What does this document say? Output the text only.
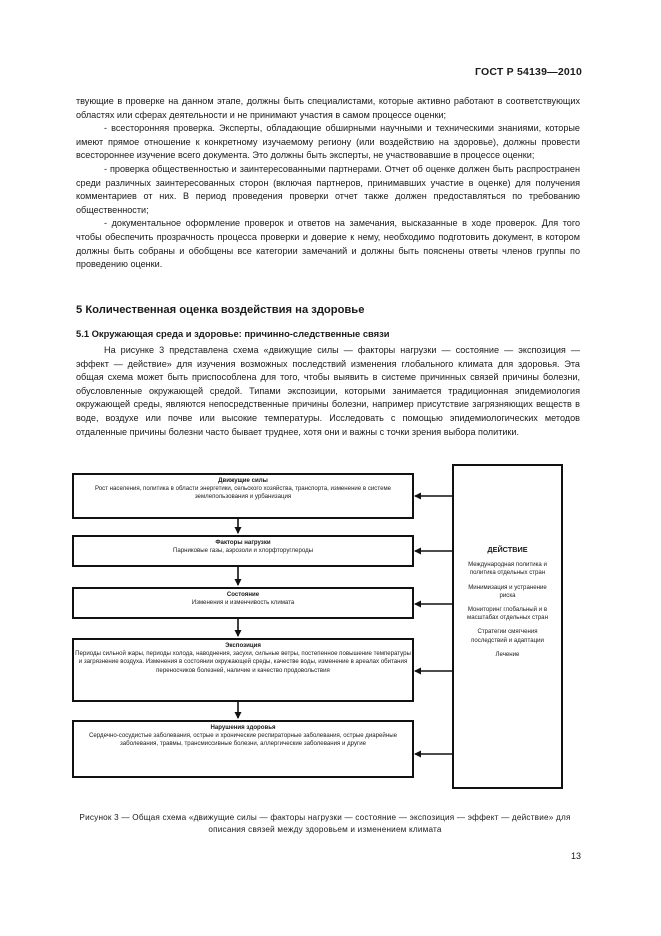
ГОСТ Р 54139—2010

твующие в проверке на данном этапе, должны быть специалистами, которые активно работают в соответствующих областях или сферах деятельности и не принимают участия в самом процессе оценки;

- всесторонняя проверка. Эксперты, обладающие обширными научными и техническими знаниями, которые имеют прямое отношение к конкретному изучаемому региону (или воздействию на здоровье), должны провести всестороннее изучение всего документа. Это должны быть эксперты, не участвовавшие в процессе оценки;

- проверка общественностью и заинтересованными партнерами. Отчет об оценке должен быть распространен среди различных заинтересованных сторон (включая партнеров, принимавших участие в оценке) для получения комментариев от них. В период проведения проверки отчет также должен предоставляться по требованию общественности;

- документальное оформление проверок и ответов на замечания, высказанные в ходе проверок. Для того чтобы обеспечить прозрачность процесса проверки и доверие к нему, необходимо подготовить документ, в котором должны быть собраны и обобщены все категории замечаний и должны быть пояснены ответы членов группы по проведению оценки.

5 Количественная оценка воздействия на здоровье
5.1 Окружающая среда и здоровье: причинно-следственные связи

На рисунке 3 представлена схема «движущие силы — факторы нагрузки — состояние — экспозиция — эффект — действие» для изучения возможных последствий изменения глобального климата для здоровья. Эта общая схема может быть приспособлена для того, чтобы выявить в системе причинных связей причины болезни, обусловленные окружающей средой. Типами экспозиции, которыми занимается традиционная эпидемиология окружающей среды, являются непосредственные причины болезни, например присутствие загрязняющих веществ в воде, воздухе или почве или высокие температуры. Исследовать с помощью эпидемиологических методов отдаленные причины болезни часто бывает труднее, хотя они и важны с точки зрения выбора политики.

Движущие силы
Рост населения, политика в области энергетики, сельского хозяйства, транспорта, изменение в системе землепользования и урбанизация
Факторы нагрузки
Парниковые газы, аэрозоли и хлорфторуглероды
Состояние
Изменения и изменчивость климата
Экспозиция
Периоды сильной жары, периоды холода, наводнения, засухи, сильные ветры, постепенное повышение температуры и загрязнение воздуха. Изменения в состоянии окружающей среды, качестве воды, изменение в ареалах обитания переносчиков болезней, наличие и качество продовольствия
Нарушения здоровья
Сердечно-сосудистые заболевания, острые и хронические респираторные заболевания, острые диарейные заболевания, травмы, трансмиссивные болезни, аллергические заболевания и другие
ДЕЙСТВИЕ
Международная политика и политика отдельных стран
Минимизация и устранение риска
Мониторинг глобальный и в масштабах отдельных стран
Стратегии смягчения последствий и адаптации
Лечение
Рисунок 3 — Общая схема «движущие силы — факторы нагрузки — состояние — экспозиция — эффект — действие» для описания связей между здоровьем и изменением климата
13
